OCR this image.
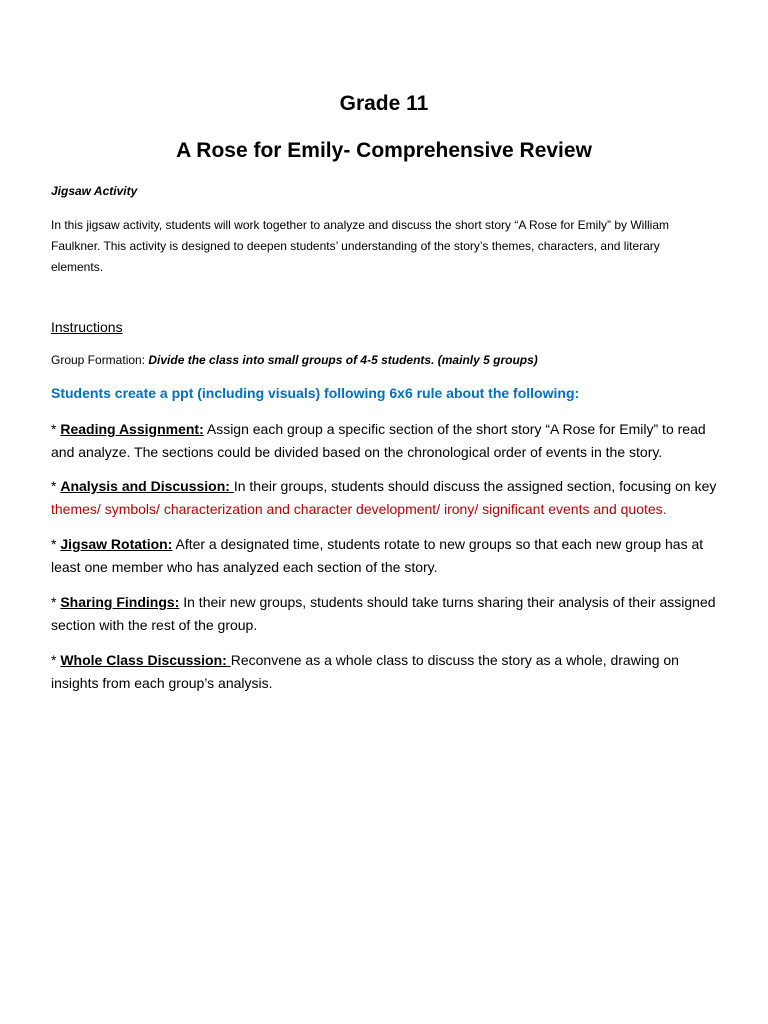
Grade 11
A Rose for Emily- Comprehensive Review
Jigsaw Activity
In this jigsaw activity, students will work together to analyze and discuss the short story “A Rose for Emily” by William Faulkner. This activity is designed to deepen students’ understanding of the story’s themes, characters, and literary elements.
Instructions
Group Formation: Divide the class into small groups of 4-5 students. (mainly 5 groups)
Students create a ppt (including visuals) following 6x6 rule about the following:
* Reading Assignment: Assign each group a specific section of the short story “A Rose for Emily” to read and analyze. The sections could be divided based on the chronological order of events in the story.
* Analysis and Discussion: In their groups, students should discuss the assigned section, focusing on key themes/ symbols/ characterization and character development/ irony/ significant events and quotes.
* Jigsaw Rotation: After a designated time, students rotate to new groups so that each new group has at least one member who has analyzed each section of the story.
* Sharing Findings: In their new groups, students should take turns sharing their analysis of their assigned section with the rest of the group.
* Whole Class Discussion: Reconvene as a whole class to discuss the story as a whole, drawing on insights from each group’s analysis.
